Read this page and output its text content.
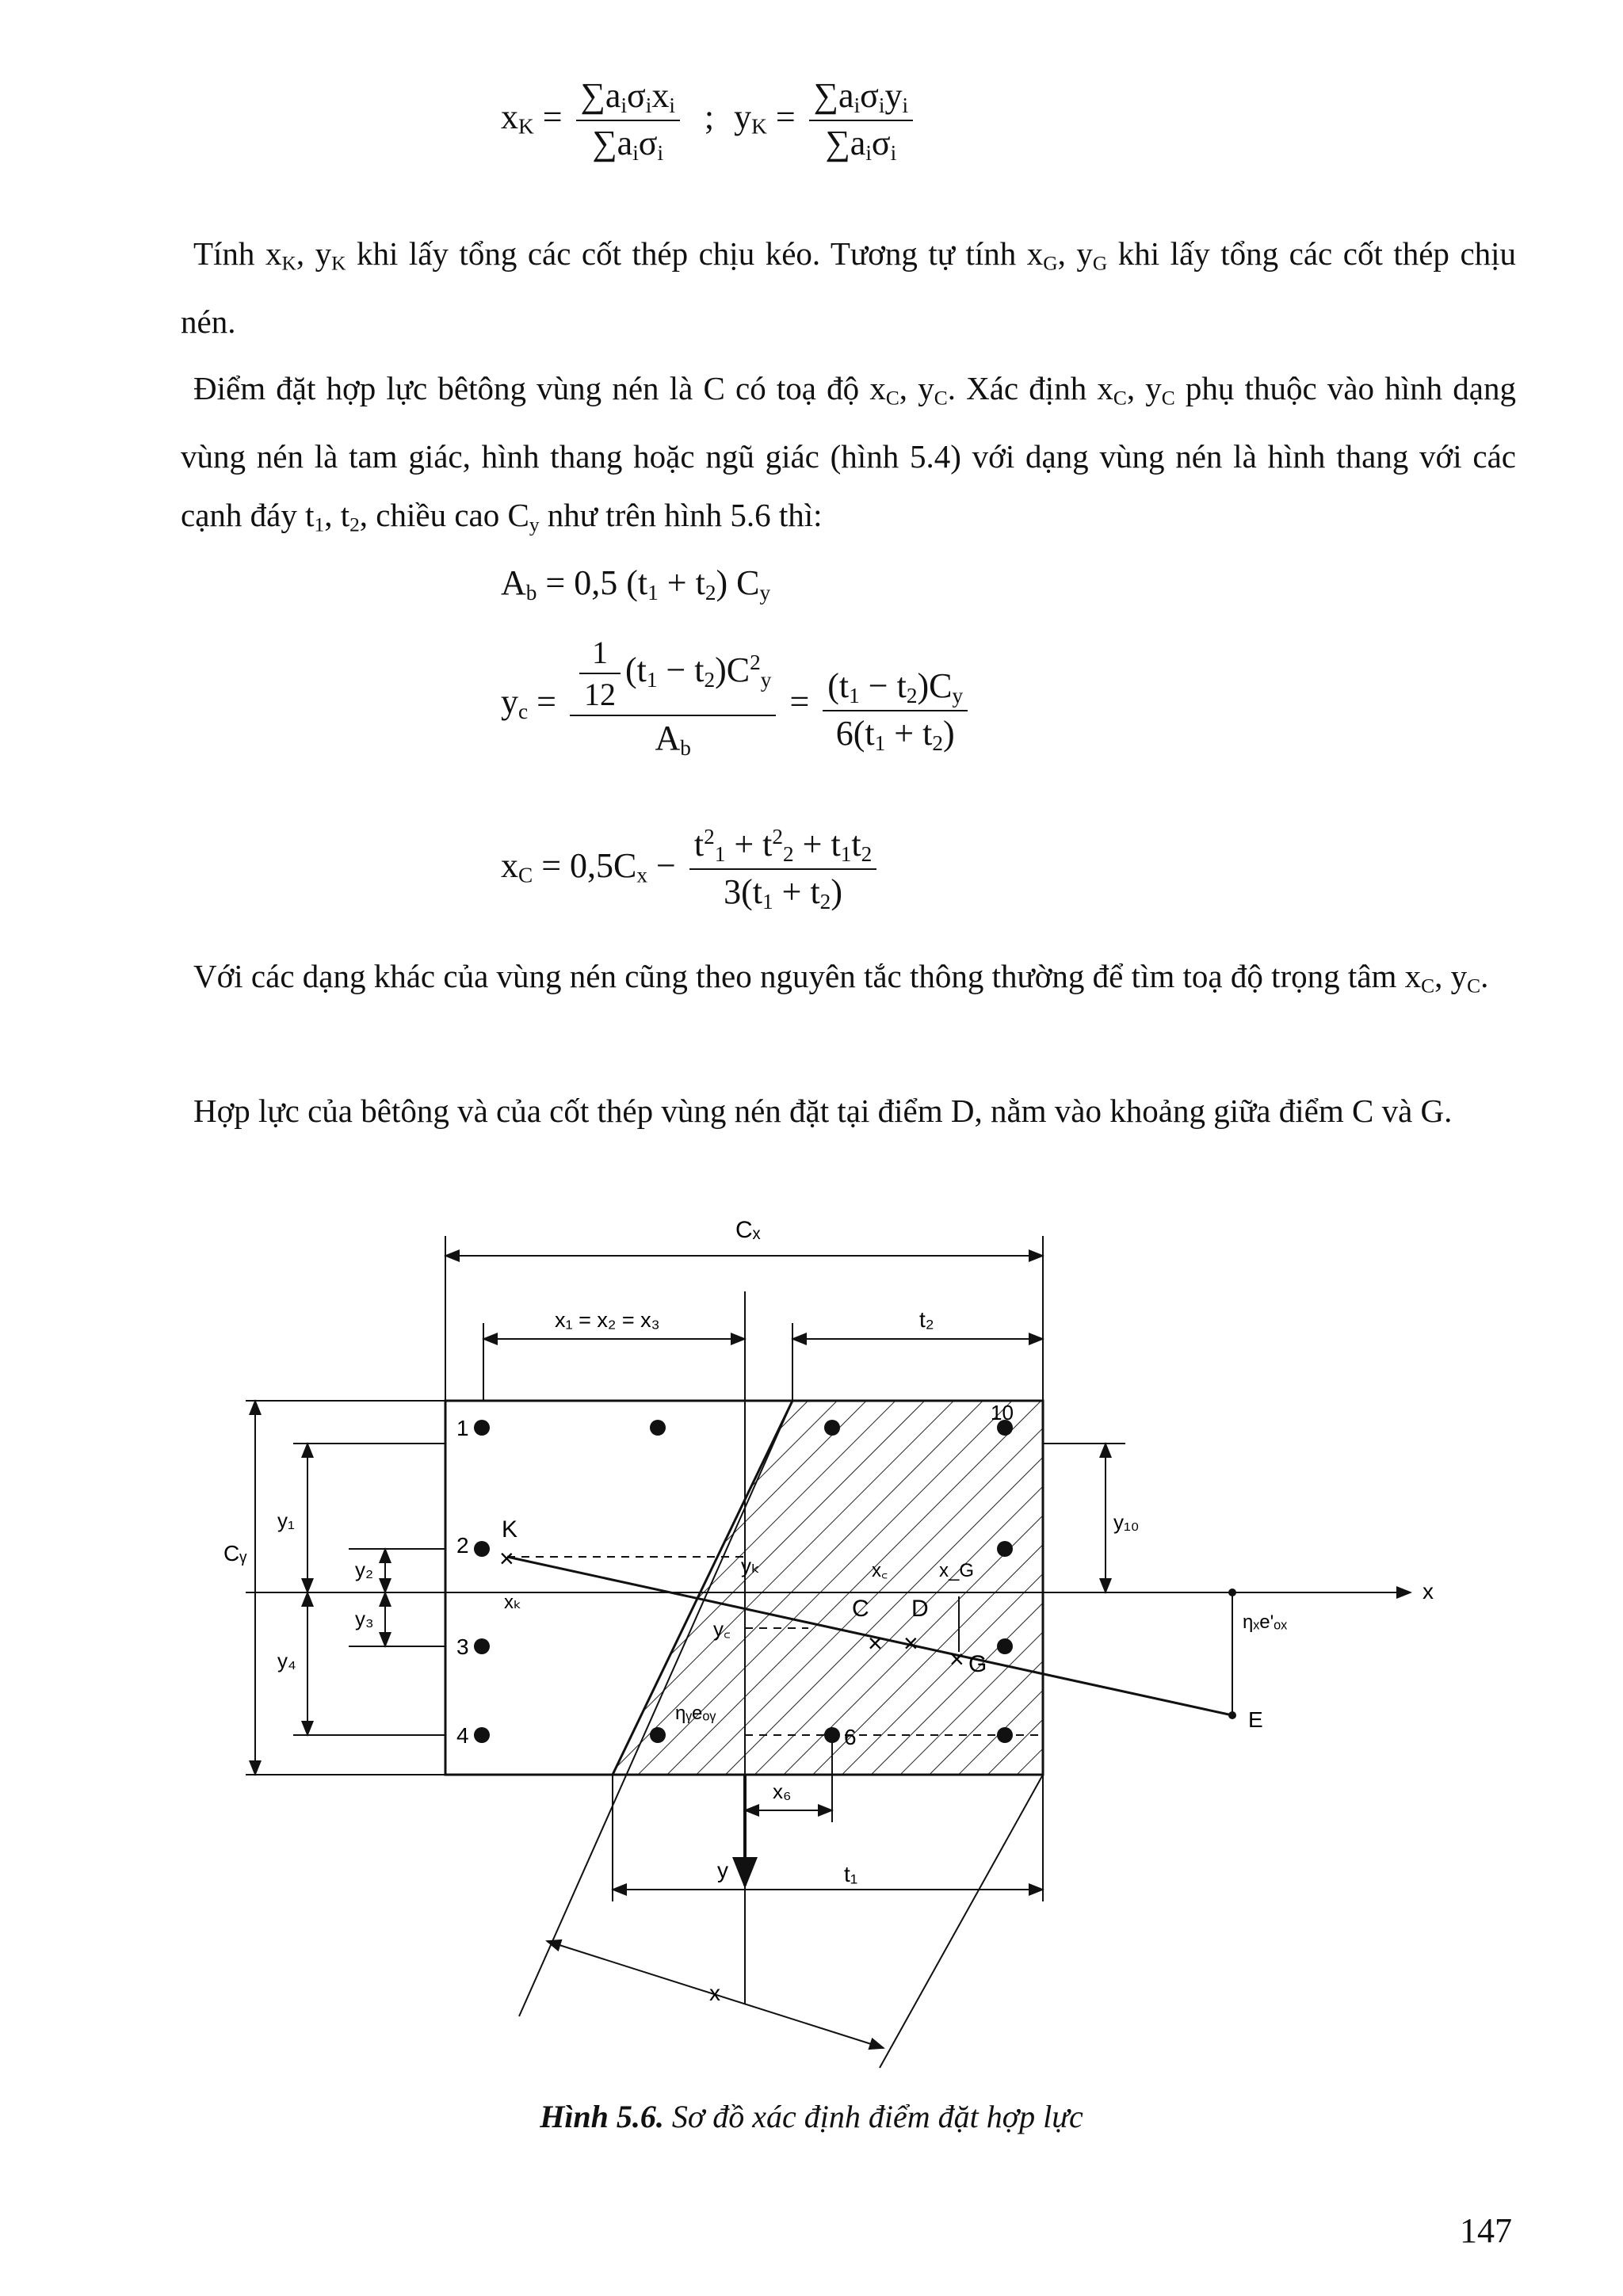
$x_K = \frac{\sum a_i\sigma_ix_i}{\sum a_i\sigma_i}$ ; $y_K = \frac{\sum a_i\sigma_iy_i}{\sum a_i\sigma_i}$
Tính $x_K$, $y_K$ khi lấy tổng các cốt thép chịu kéo. Tương tự tính $x_G$, $y_G$ khi lấy tổng các cốt thép chịu nén.
Điểm đặt hợp lực bêtông vùng nén là C có toạ độ $x_C$, $y_C$. Xác định $x_C$, $y_C$ phụ thuộc vào hình dạng vùng nén là tam giác, hình thang hoặc ngũ giác (hình 5.4) với dạng vùng nén là hình thang với các cạnh đáy $t_1$, $t_2$, chiều cao $C_y$ như trên hình 5.6 thì:
$A_b = 0,5$ $(t_1 + t_2)$ $C_y$
$y_c = \frac{\frac{1}{12} (t_1 - t_2)C^2_y}{A_b} = \frac{(t_1 - t_2)C_y}{6(t_1 + t_2)}$
$x_C = 0,5C_x - \frac{t^2_1 + t^2_2 + t_1t_2}{3(t_1 + t_2)}$
Với các dạng khác của vùng nén cũng theo nguyên tắc thông thường để tìm toạ độ trọng tâm $x_C$, $y_C$.
Hợp lực của bêtông và của cốt thép vùng nén đặt tại điểm D, nằm vào khoảng giữa điểm C và G.
Cₓ
x₁ = x₂ = x₃	t₂
Cᵧ
y₁
y₂
y₃
y₄
y₁₀
x
y
x
t₁
x₆
ηₓe'ₒₓ
E
1
2
3
4	6
10
K
×
xₖ
yₖ	x꜀	x_G
y꜀
C
×
D
×
× G
ηᵧeₒᵧ
Hình 5.6. Sơ đồ xác định điểm đặt hợp lực
147
